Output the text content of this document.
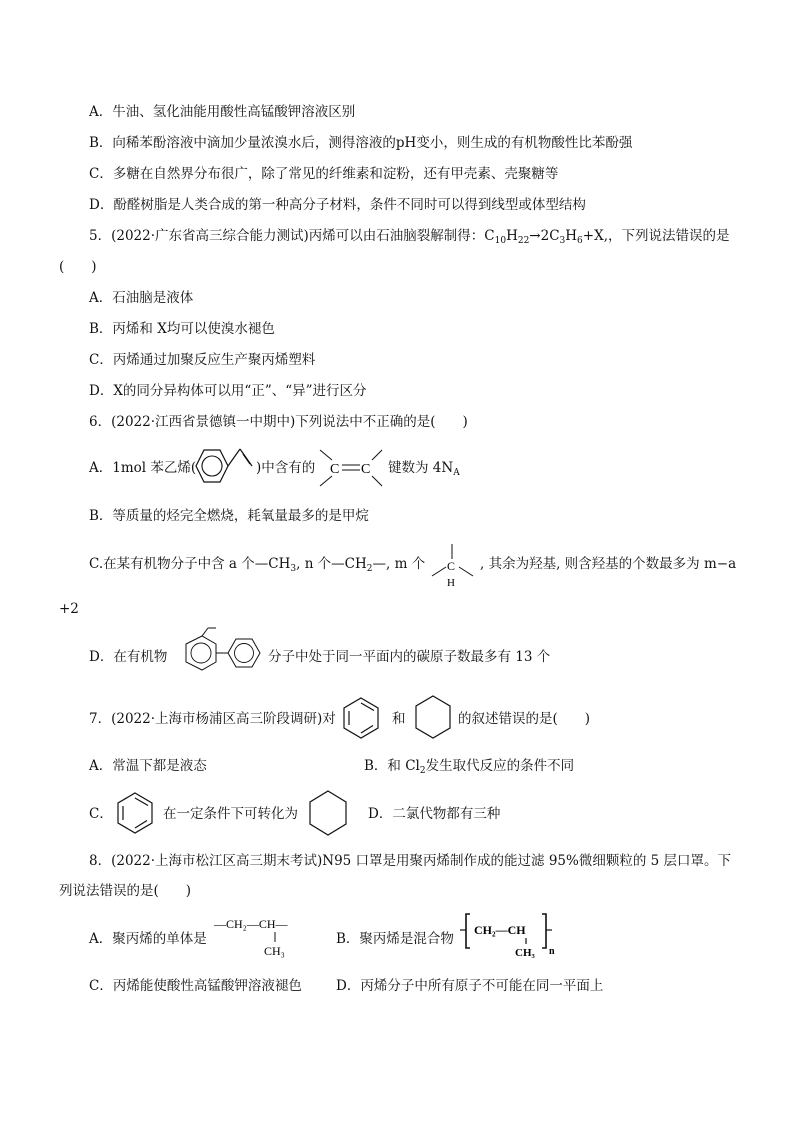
A．牛油、氢化油能用酸性高锰酸钾溶液区别
B．向稀苯酚溶液中滴加少量浓溴水后，测得溶液的pH变小，则生成的有机物酸性比苯酚强
C．多糖在自然界分布很广，除了常见的纤维素和淀粉，还有甲壳素、壳聚糖等
D．酚醛树脂是人类合成的第一种高分子材料，条件不同时可以得到线型或体型结构
5．(2022·广东省高三综合能力测试)丙烯可以由石油脑裂解制得：$C_{10}H_{22}\to 2C_3H_6+X$,，下列说法错误的是
(　　)
A．石油脑是液体
B．丙烯和 X均可以使溴水褪色
C．丙烯通过加聚反应生产聚丙烯塑料
D．X的同分异构体可以用“正”、“异”进行区分
6．(2022·江西省景德镇一中期中)下列说法中不正确的是(　　)
A．1mol 苯乙烯(	)中含有的 C C 键数为 $4N_A$
B．等质量的烃完全燃烧，耗氧量最多的是甲烷
C.在某有机物分子中含 a 个$—CH_3$, n 个$—CH_2—$, m 个 C
H
, 其余为羟基, 则含羟基的个数最多为 m−a
+2
D．在有机物	分子中处于同一平面内的碳原子数最多有 13 个
7．(2022·上海市杨浦区高三阶段调研)对	和	的叙述错误的是(　　)
A．常温下都是液态	B．和 $Cl_2$发生取代反应的条件不同
C．	在一定条件下可转化为	D．二氯代物都有三种
8．(2022·上海市松江区高三期末考试)N95 口罩是用聚丙烯制作成的能过滤 95%微细颗粒的 5 层口罩。下
列说法错误的是(　　)
A．聚丙烯的单体是
—CH₂—CH—
CH₃
B．聚丙烯是混合物
CH₂—CH
CH₃ n
C．丙烯能使酸性高锰酸钾溶液褪色	D．丙烯分子中所有原子不可能在同一平面上
